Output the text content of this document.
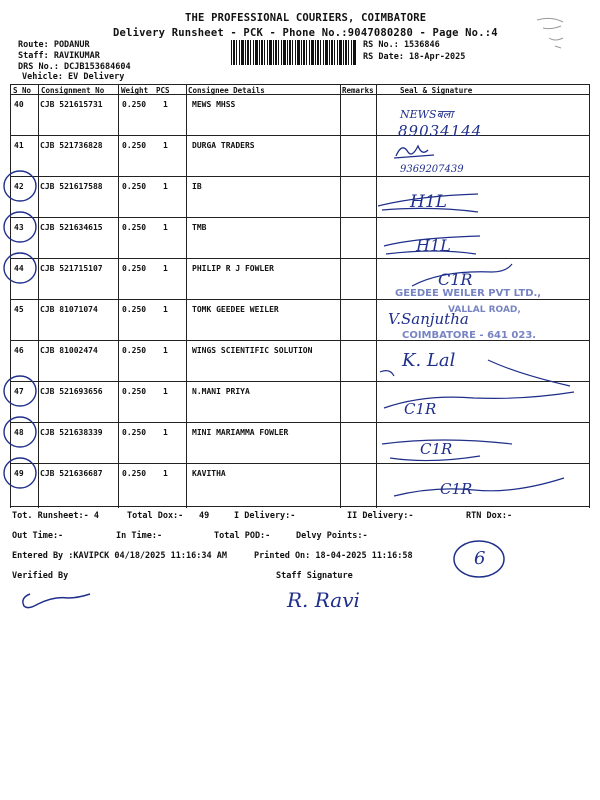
THE PROFESSIONAL COURIERS, COIMBATORE
Delivery Runsheet - PCK - Phone No.:9047080280 - Page No.:4
Route: PODANUR
Staff: RAVIKUMAR
DRS No.: DCJB153684604
Vehicle: EV Delivery
RS No.: 1536846
RS Date: 18-Apr-2025
S No Consignment No Weight PCS Consignee Details	Remarks	Seal & Signature
40 CJB 521615731 0.250 1	MEWS MHSS
41 CJB 521736828 0.250 1	DURGA TRADERS
42 CJB 521617588 0.250 1	IB
43 CJB 521634615 0.250 1	TMB
44 CJB 521715107 0.250 1	PHILIP R J FOWLER
45 CJB 81071074	0.250 1	TOMK GEEDEE WEILER
46 CJB 81002474	0.250 1	WINGS SCIENTIFIC SOLUTION
47 CJB 521693656 0.250 1	N.MANI PRIYA
48 CJB 521638339 0.250 1	MINI MARIAMMA FOWLER
49 CJB 521636687 0.250 1	KAVITHA
NEWSबला
89034144
9369207439
H1L
H1L
C1R
GEEDEE WEILER PVT LTD.,
VALLAL ROAD,
COIMBATORE - 641 023.
V.Sanjutha
K. Lal
C1R
C1R
C1R
Tot. Runsheet:- 4	Total Dox:- 49	I Delivery:-	II Delivery:-	RTN Dox:-
Out Time:-	In Time:-	Total POD:-	Delvy Points:-
Entered By :KAVIPCK 04/18/2025 11:16:34 AM	Printed On: 18-04-2025 11:16:58	6
Verified By	Staff Signature
R. Ravi
